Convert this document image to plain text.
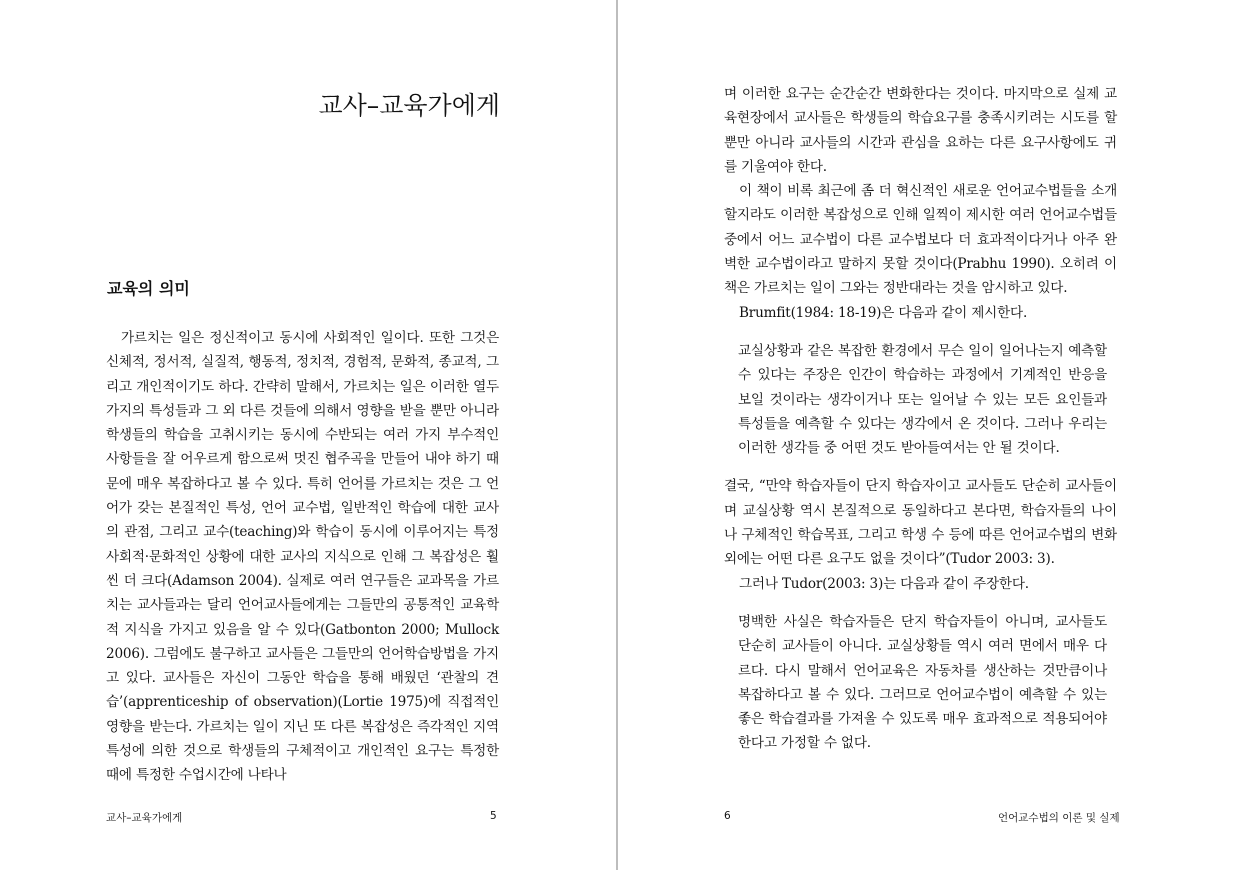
교사–교육가에게
교육의 의미

가르치는 일은 정신적이고 동시에 사회적인 일이다. 또한 그것은 신체적, 정서적, 실질적, 행동적, 정치적, 경험적, 문화적, 종교적, 그리고 개인적이기도 하다. 간략히 말해서, 가르치는 일은 이러한 열두 가지의 특성들과 그 외 다른 것들에 의해서 영향을 받을 뿐만 아니라 학생들의 학습을 고취시키는 동시에 수반되는 여러 가지 부수적인 사항들을 잘 어우르게 함으로써 멋진 협주곡을 만들어 내야 하기 때문에 매우 복잡하다고 볼 수 있다. 특히 언어를 가르치는 것은 그 언어가 갖는 본질적인 특성, 언어 교수법, 일반적인 학습에 대한 교사의 관점, 그리고 교수(teaching)와 학습이 동시에 이루어지는 특정 사회적·문화적인 상황에 대한 교사의 지식으로 인해 그 복잡성은 훨씬 더 크다(Adamson 2004). 실제로 여러 연구들은 교과목을 가르치는 교사들과는 달리 언어교사들에게는 그들만의 공통적인 교육학적 지식을 가지고 있음을 알 수 있다(Gatbonton 2000; Mullock 2006). 그럼에도 불구하고 교사들은 그들만의 언어학습방법을 가지고 있다. 교사들은 자신이 그동안 학습을 통해 배웠던 ‘관찰의 견습’(apprenticeship of observation)(Lortie 1975)에 직접적인 영향을 받는다. 가르치는 일이 지닌 또 다른 복잡성은 즉각적인 지역 특성에 의한 것으로 학생들의 구체적이고 개인적인 요구는 특정한 때에 특정한 수업시간에 나타나

교사–교육가에게	5

며 이러한 요구는 순간순간 변화한다는 것이다. 마지막으로 실제 교육현장에서 교사들은 학생들의 학습요구를 충족시키려는 시도를 할 뿐만 아니라 교사들의 시간과 관심을 요하는 다른 요구사항에도 귀를 기울여야 한다.

이 책이 비록 최근에 좀 더 혁신적인 새로운 언어교수법들을 소개할지라도 이러한 복잡성으로 인해 일찍이 제시한 여러 언어교수법들 중에서 어느 교수법이 다른 교수법보다 더 효과적이다거나 아주 완벽한 교수법이라고 말하지 못할 것이다(Prabhu 1990). 오히려 이 책은 가르치는 일이 그와는 정반대라는 것을 암시하고 있다.

Brumfit(1984: 18-19)은 다음과 같이 제시한다.

교실상황과 같은 복잡한 환경에서 무슨 일이 일어나는지 예측할 수 있다는 주장은 인간이 학습하는 과정에서 기계적인 반응을 보일 것이라는 생각이거나 또는 일어날 수 있는 모든 요인들과 특성들을 예측할 수 있다는 생각에서 온 것이다. 그러나 우리는 이러한 생각들 중 어떤 것도 받아들여서는 안 될 것이다.

결국, “만약 학습자들이 단지 학습자이고 교사들도 단순히 교사들이며 교실상황 역시 본질적으로 동일하다고 본다면, 학습자들의 나이나 구체적인 학습목표, 그리고 학생 수 등에 따른 언어교수법의 변화 외에는 어떤 다른 요구도 없을 것이다”(Tudor 2003: 3).

그러나 Tudor(2003: 3)는 다음과 같이 주장한다.

명백한 사실은 학습자들은 단지 학습자들이 아니며, 교사들도 단순히 교사들이 아니다. 교실상황들 역시 여러 면에서 매우 다르다. 다시 말해서 언어교육은 자동차를 생산하는 것만큼이나 복잡하다고 볼 수 있다. 그러므로 언어교수법이 예측할 수 있는 좋은 학습결과를 가져올 수 있도록 매우 효과적으로 적용되어야 한다고 가정할 수 없다.

6	언어교수법의 이론 및 실제
